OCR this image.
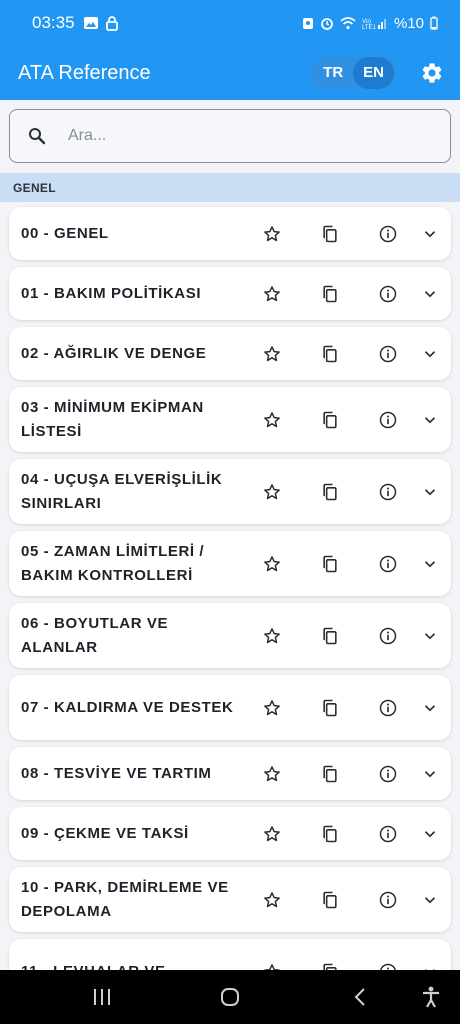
03:35	Vo)
LTE1 %10
ATA Reference	TR	EN
Ara...
GENEL
00 - GENEL
01 - BAKIM POLİTİKASI
02 - AĞIRLIK VE DENGE
03 - MİNİMUM EKİPMAN LİSTESİ
04 - UÇUŞA ELVERİŞLİLİK SINIRLARI
05 - ZAMAN LİMİTLERİ / BAKIM KONTROLLERİ
06 - BOYUTLAR VE ALANLAR
07 - KALDIRMA VE DESTEK
08 - TESVİYE VE TARTIM
09 - ÇEKME VE TAKSİ
10 - PARK, DEMİRLEME VE DEPOLAMA
